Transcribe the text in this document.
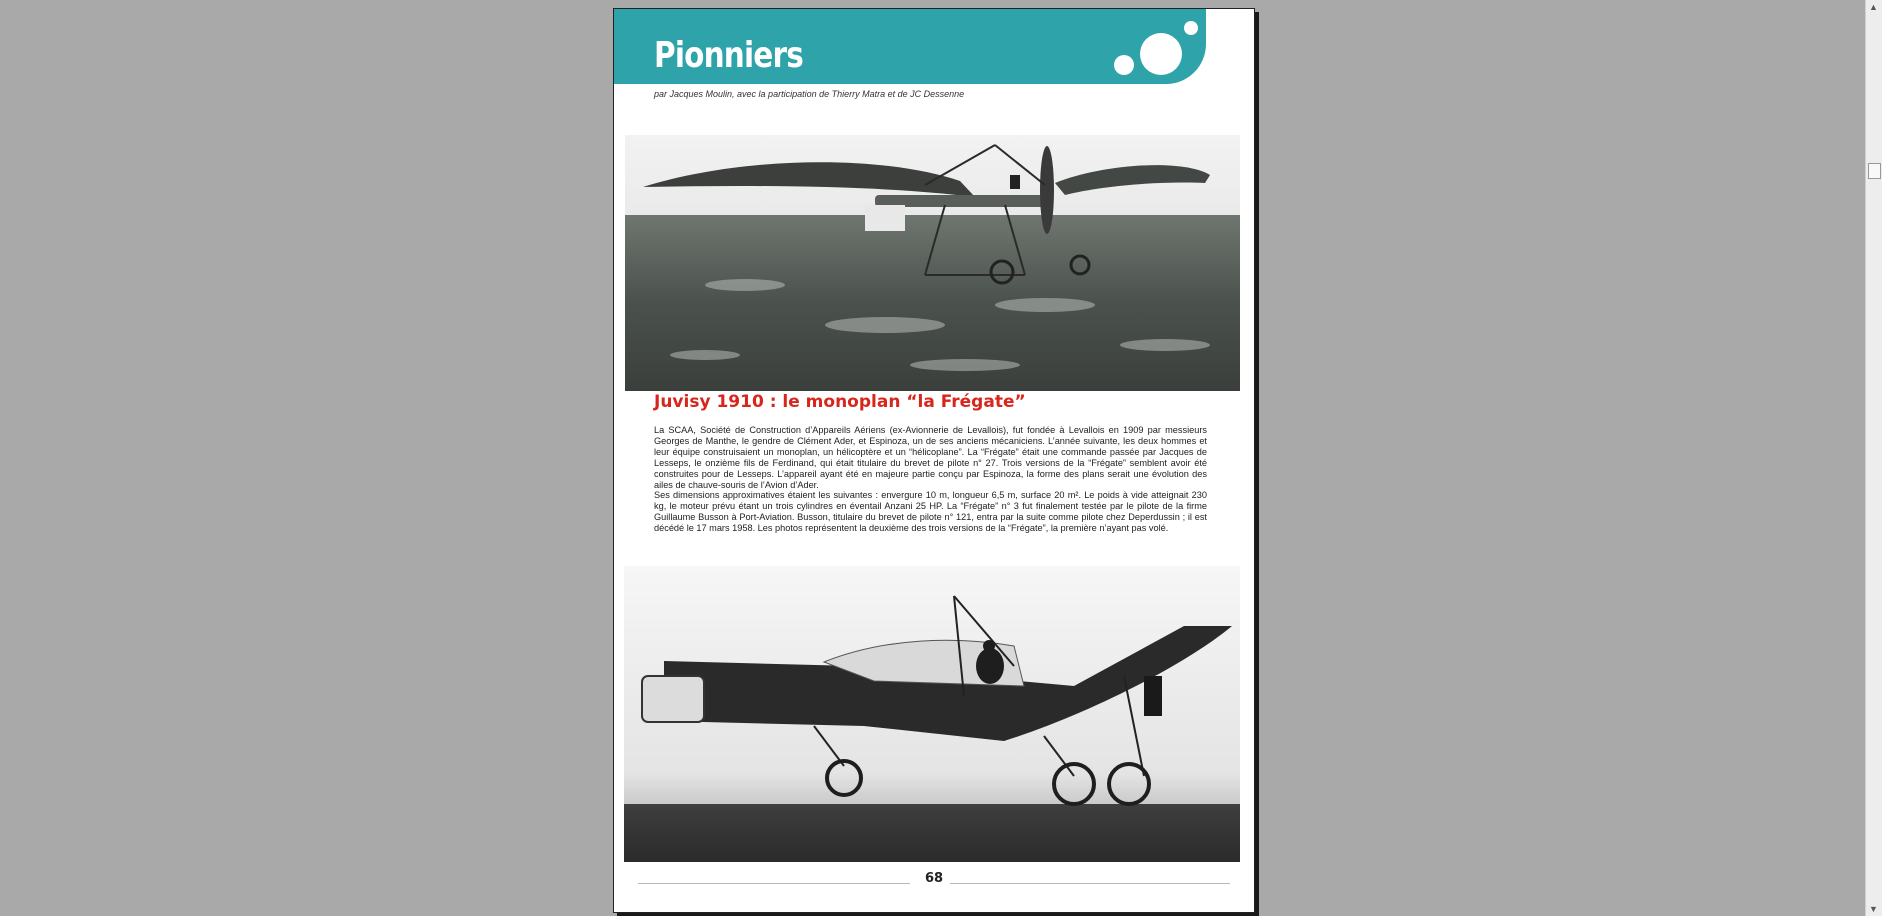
Pionniers
par Jacques Moulin, avec la participation de Thierry Matra et de JC Dessenne
Juvisy 1910 : le monoplan “la Frégate”
La SCAA, Société de Construction d’Appareils Aériens (ex-Avionnerie de Levallois), fut fondée à Levallois en 1909 par messieurs Georges de Manthe, le gendre de Clément Ader, et Espinoza, un de ses anciens mécaniciens. L’année suivante, les deux hommes et leur équipe construisaient un monoplan, un hélicoptère et un “hélicoplane”. La “Frégate” était une commande passée par Jacques de Lesseps, le onzième fils de Ferdinand, qui était titulaire du brevet de pilote n° 27. Trois versions de la “Frégate” semblent avoir été construites pour de Lesseps. L’appareil ayant été en majeure partie conçu par Espinoza, la forme des plans serait une évolution des ailes de chauve-souris de l’Avion d’Ader.
Ses dimensions approximatives étaient les suivantes : envergure 10 m, longueur 6,5 m, surface 20 m². Le poids à vide atteignait 230 kg, le moteur prévu étant un trois cylindres en éventail Anzani 25 HP. La “Frégate” n° 3 fut finalement testée par le pilote de la firme Guillaume Busson à Port-Aviation. Busson, titulaire du brevet de pilote n° 121, entra par la suite comme pilote chez Deperdussin ; il est décédé le 17 mars 1958. Les photos représentent la deuxième des trois versions de la “Frégate”, la première n’ayant pas volé.
68
▲
▼
